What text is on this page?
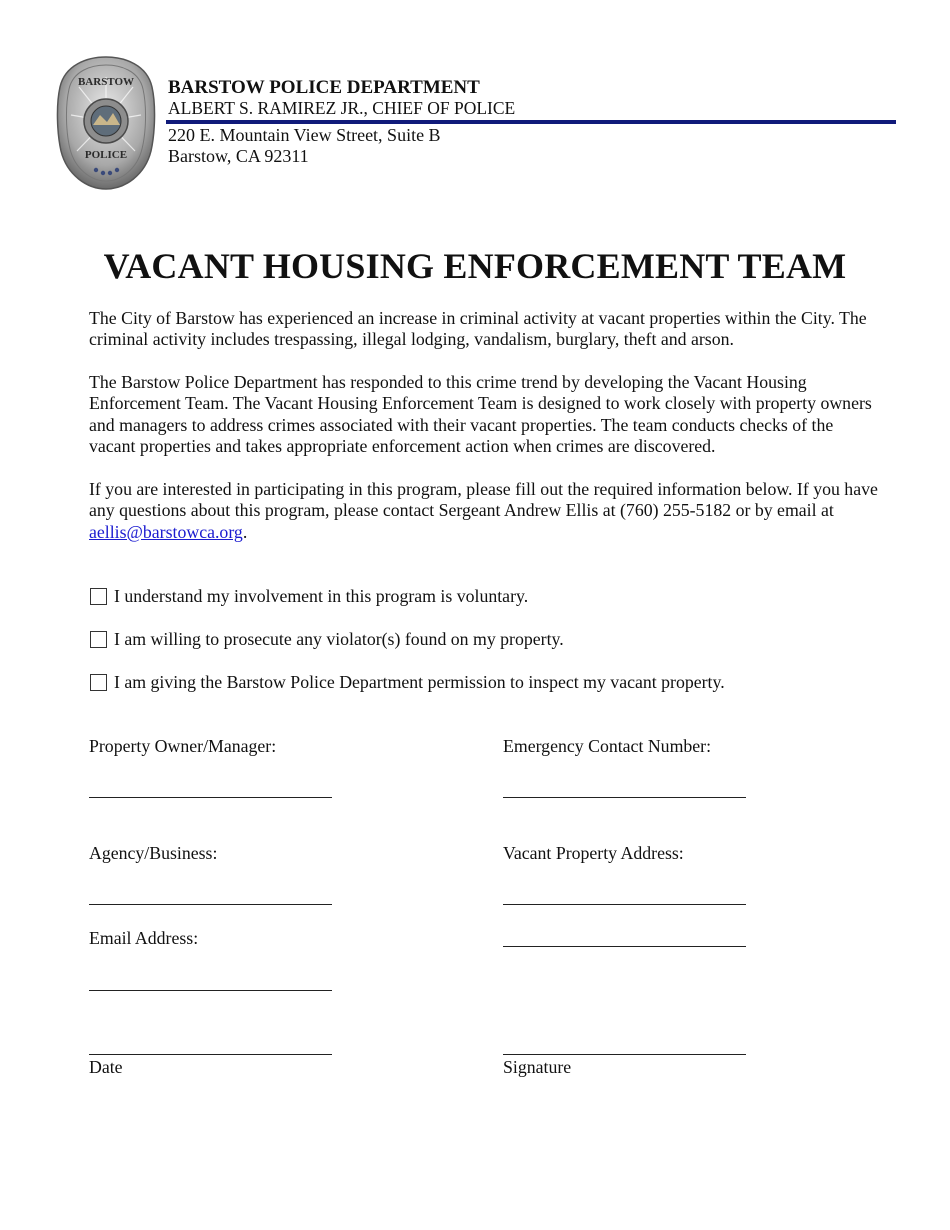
BARSTOW
POLICE
BARSTOW POLICE DEPARTMENT
ALBERT S. RAMIREZ JR., CHIEF OF POLICE
220 E. Mountain View Street, Suite B
Barstow, CA 92311
VACANT HOUSING ENFORCEMENT TEAM
The City of Barstow has experienced an increase in criminal activity at vacant properties within the City. The criminal activity includes trespassing, illegal lodging, vandalism, burglary, theft and arson.
The Barstow Police Department has responded to this crime trend by developing the Vacant Housing Enforcement Team. The Vacant Housing Enforcement Team is designed to work closely with property owners and managers to address crimes associated with their vacant properties. The team conducts checks of the vacant properties and takes appropriate enforcement action when crimes are discovered.
If you are interested in participating in this program, please fill out the required information below. If you have any questions about this program, please contact Sergeant Andrew Ellis at (760) 255-5182 or by email at aellis@barstowca.org.
I understand my involvement in this program is voluntary.
I am willing to prosecute any violator(s) found on my property.
I am giving the Barstow Police Department permission to inspect my vacant property.
Property Owner/Manager:	Emergency Contact Number:
Agency/Business:	Vacant Property Address:
Email Address:
Date	Signature
